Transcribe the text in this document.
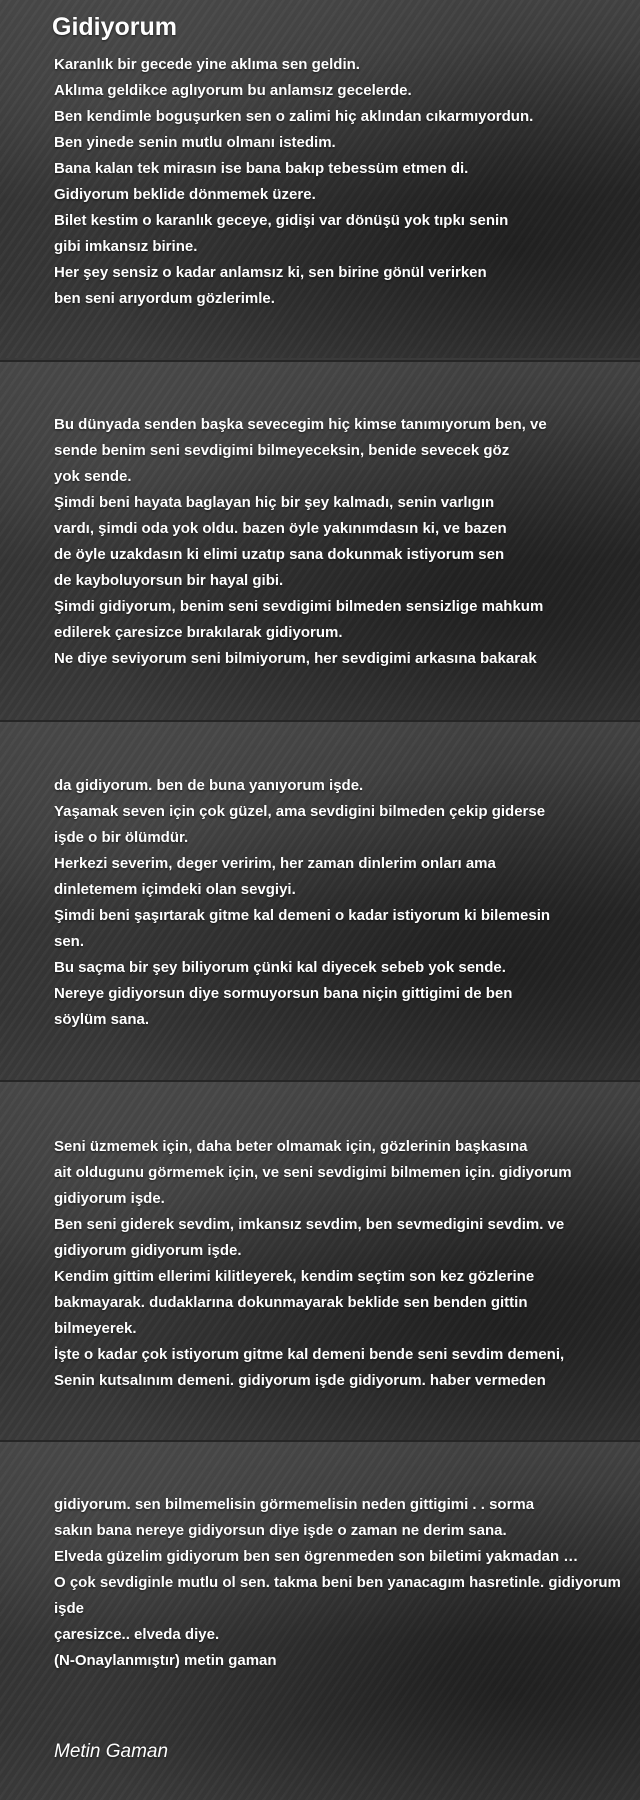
Gidiyorum
Karanlık bir gecede yine aklıma sen geldin.
Aklıma geldikce aglıyorum bu anlamsız gecelerde.
Ben kendimle boguşurken sen o zalimi hiç aklından cıkarmıyordun.
Ben yinede senin mutlu olmanı istedim.
Bana kalan tek mirasın ise bana bakıp tebessüm etmen di.
Gidiyorum beklide dönmemek üzere.
Bilet kestim o karanlık geceye, gidişi var dönüşü yok tıpkı senin
gibi imkansız birine.
Her şey sensiz o kadar anlamsız ki, sen birine gönül verirken
ben seni arıyordum gözlerimle.
Bu dünyada senden başka sevecegim hiç kimse tanımıyorum ben, ve
sende benim seni sevdigimi bilmeyeceksin, benide sevecek göz
yok sende.
Şimdi beni hayata baglayan hiç bir şey kalmadı, senin varlıgın
vardı, şimdi oda yok oldu. bazen öyle yakınımdasın ki, ve bazen
de öyle uzakdasın ki elimi uzatıp sana dokunmak istiyorum sen
de kayboluyorsun bir hayal gibi.
Şimdi gidiyorum, benim seni sevdigimi bilmeden sensizlige mahkum
edilerek çaresizce bırakılarak gidiyorum.
Ne diye seviyorum seni bilmiyorum, her sevdigimi arkasına bakarak
da gidiyorum. ben de buna yanıyorum işde.
Yaşamak seven için çok güzel, ama sevdigini bilmeden çekip giderse
işde o bir ölümdür.
Herkezi severim, deger veririm, her zaman dinlerim onları ama
dinletemem içimdeki olan sevgiyi.
Şimdi beni şaşırtarak gitme kal demeni o kadar istiyorum ki bilemesin
sen.
Bu saçma bir şey biliyorum çünki kal diyecek sebeb yok sende.
Nereye gidiyorsun diye sormuyorsun bana niçin gittigimi de ben
söylüm sana.
Seni üzmemek için, daha beter olmamak için, gözlerinin başkasına
ait oldugunu görmemek için, ve seni sevdigimi bilmemen için. gidiyorum
gidiyorum işde.
Ben seni giderek sevdim, imkansız sevdim, ben sevmedigini sevdim. ve
gidiyorum gidiyorum işde.
Kendim gittim ellerimi kilitleyerek, kendim seçtim son kez gözlerine
bakmayarak. dudaklarına dokunmayarak beklide sen benden gittin
bilmeyerek.
İşte o kadar çok istiyorum gitme kal demeni bende seni sevdim demeni,
Senin kutsalınım demeni. gidiyorum işde gidiyorum. haber vermeden
gidiyorum. sen bilmemelisin görmemelisin neden gittigimi . . sorma
sakın bana nereye gidiyorsun diye işde o zaman ne derim sana.
Elveda güzelim gidiyorum ben sen ögrenmeden son biletimi yakmadan …
O çok sevdiginle mutlu ol sen. takma beni ben yanacagım hasretinle. gidiyorum
işde
çaresizce.. elveda diye.
(N-Onaylanmıştır) metin gaman
Metin Gaman
